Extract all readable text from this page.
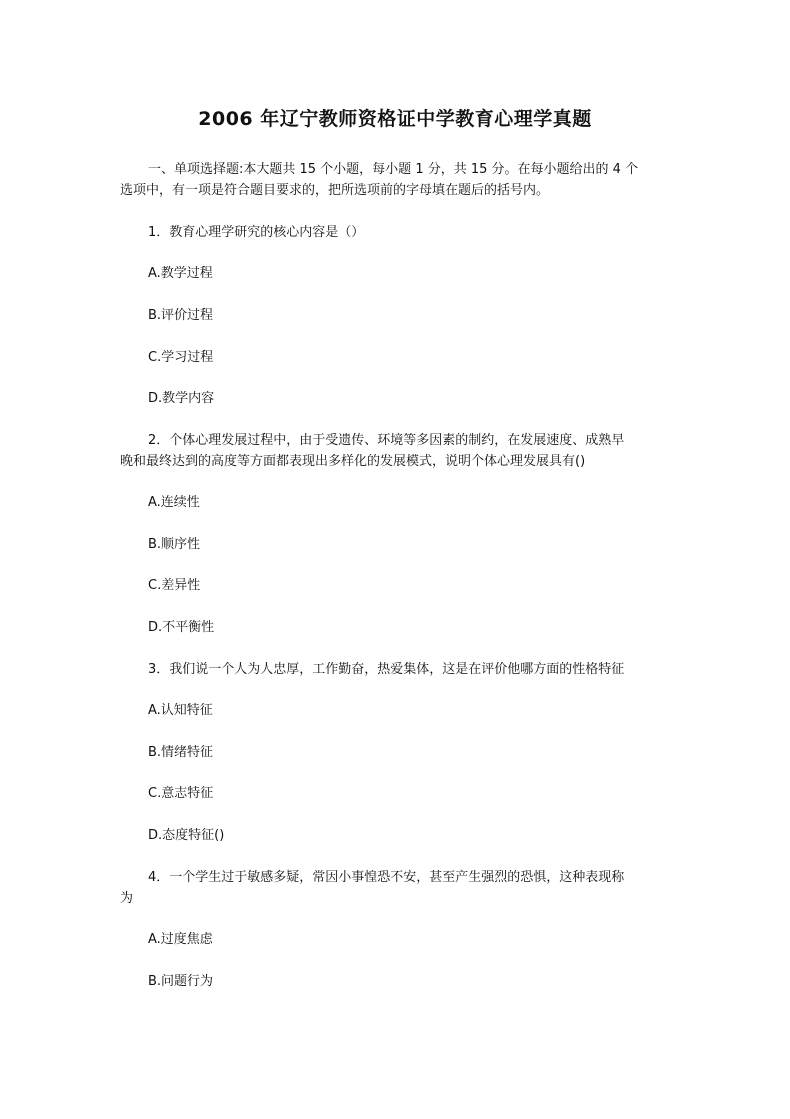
2006 年辽宁教师资格证中学教育心理学真题
一、单项选择题:本大题共 15 个小题，每小题 1 分，共 15 分。在每小题给出的 4 个
选项中，有一项是符合题目要求的，把所选项前的字母填在题后的括号内。
1．教育心理学研究的核心内容是（）
A.教学过程
B.评价过程
C.学习过程
D.教学内容
2．个体心理发展过程中，由于受遗传、环境等多因素的制约，在发展速度、成熟早
晚和最终达到的高度等方面都表现出多样化的发展模式，说明个体心理发展具有()
A.连续性
B.顺序性
C.差异性
D.不平衡性
3．我们说一个人为人忠厚，工作勤奋，热爱集体，这是在评价他哪方面的性格特征
A.认知特征
B.情绪特征
C.意志特征
D.态度特征()
4．一个学生过于敏感多疑，常因小事惶恐不安，甚至产生强烈的恐惧，这种表现称
为
A.过度焦虑
B.问题行为
